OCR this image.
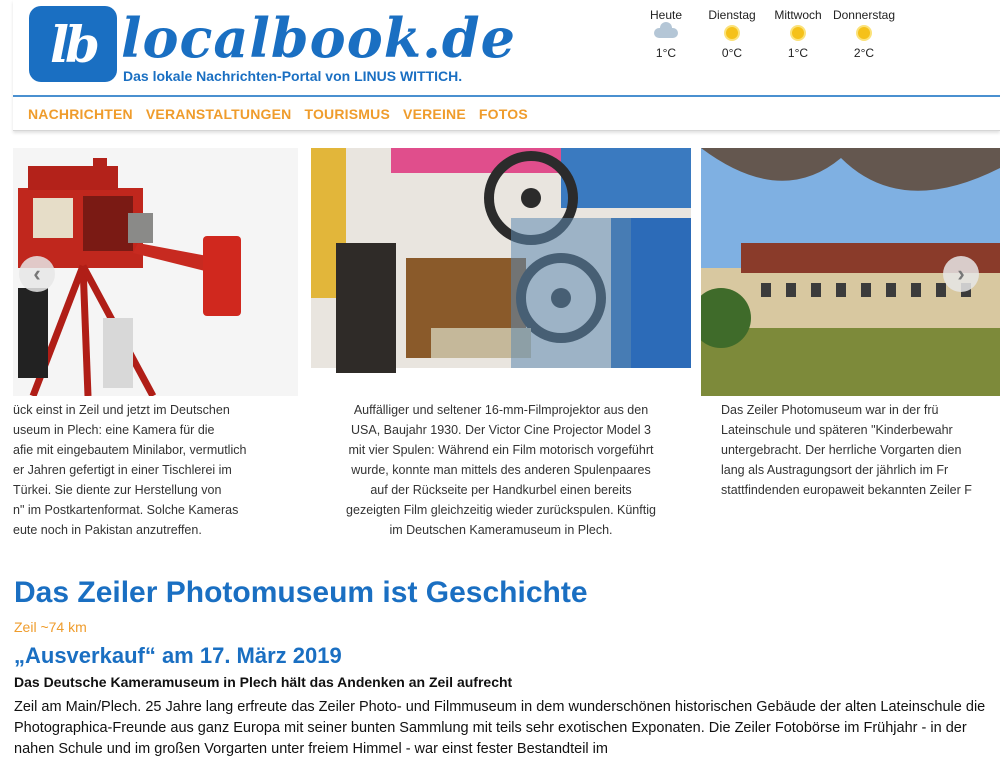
lb localbook.de
Das lokale Nachrichten-Portal von LINUS WITTICH.
Heute
1°C
Dienstag
0°C
Mittwoch
1°C
Donnerstag
2°C
NACHRICHTEN VERANSTALTUNGEN TOURISMUS VEREINE FOTOS
‹	›
ück einst in Zeil und jetzt im Deutschen
useum in Plech: eine Kamera für die
afie mit eingebautem Minilabor, vermutlich
er Jahren gefertigt in einer Tischlerei im
Türkei. Sie diente zur Herstellung von
n" im Postkartenformat. Solche Kameras
eute noch in Pakistan anzutreffen.
Auffälliger und seltener 16-mm-Filmprojektor aus den
USA, Baujahr 1930. Der Victor Cine Projector Model 3
mit vier Spulen: Während ein Film motorisch vorgeführt
wurde, konnte man mittels des anderen Spulenpaares
auf der Rückseite per Handkurbel einen bereits
gezeigten Film gleichzeitig wieder zurückspulen. Künftig
im Deutschen Kameramuseum in Plech.
Das Zeiler Photomuseum war in der frü
Lateinschule und späteren "Kinderbewahr
untergebracht. Der herrliche Vorgarten dien
lang als Austragungsort der jährlich im Fr
stattfindenden europaweit bekannten Zeiler F
Das Zeiler Photomuseum ist Geschichte
Zeil ~74 km
„Ausverkauf“ am 17. März 2019
Das Deutsche Kameramuseum in Plech hält das Andenken an Zeil aufrecht
Zeil am Main/Plech. 25 Jahre lang erfreute das Zeiler Photo- und Filmmuseum in dem wunderschönen historischen Gebäude der alten Lateinschule die Photographica-Freunde aus ganz Europa mit seiner bunten Sammlung mit teils sehr exotischen Exponaten. Die Zeiler Fotobörse im Frühjahr - in der nahen Schule und im großen Vorgarten unter freiem Himmel - war einst fester Bestandteil im
